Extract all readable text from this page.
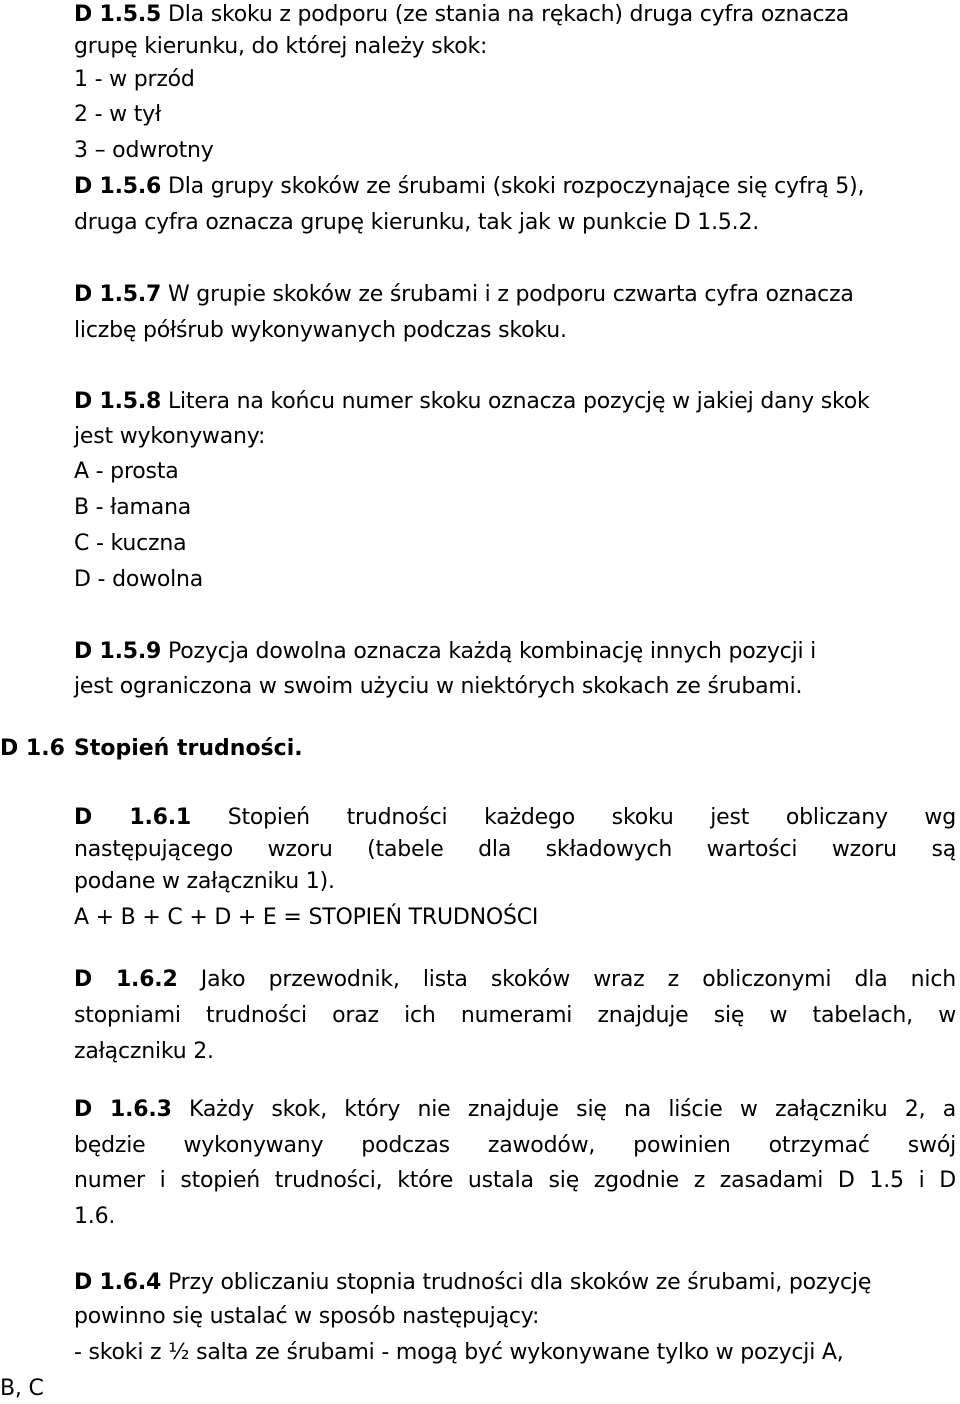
D 1.5.5 Dla skoku z podporu (ze stania na rękach) druga cyfra oznacza
grupę kierunku, do której należy skok:
1 - w przód
2 - w tył
3 – odwrotny
D 1.5.6 Dla grupy skoków ze śrubami (skoki rozpoczynające się cyfrą 5),
druga cyfra oznacza grupę kierunku, tak jak w punkcie D 1.5.2.
D 1.5.7 W grupie skoków ze śrubami i z podporu czwarta cyfra oznacza
liczbę półśrub wykonywanych podczas skoku.
D 1.5.8 Litera na końcu numer skoku oznacza pozycję w jakiej dany skok
jest wykonywany:
A - prosta
B - łamana
C - kuczna
D - dowolna
D 1.5.9 Pozycja dowolna oznacza każdą kombinację innych pozycji i
jest ograniczona w swoim użyciu w niektórych skokach ze śrubami.
D 1.6 Stopień trudności.
D 1.6.1 Stopień trudności każdego skoku jest obliczany wg
następującego wzoru (tabele dla składowych wartości wzoru są
podane w załączniku 1).
A + B + C + D + E = STOPIEŃ TRUDNOŚCI
D 1.6.2 Jako przewodnik, lista skoków wraz z obliczonymi dla nich
stopniami trudności oraz ich numerami znajduje się w tabelach, w
załączniku 2.
D 1.6.3 Każdy skok, który nie znajduje się na liście w załączniku 2, a
będzie wykonywany podczas zawodów, powinien otrzymać swój
numer i stopień trudności, które ustala się zgodnie z zasadami D 1.5 i D
1.6.
D 1.6.4 Przy obliczaniu stopnia trudności dla skoków ze śrubami, pozycję
powinno się ustalać w sposób następujący:
- skoki z ½ salta ze śrubami - mogą być wykonywane tylko w pozycji A,
B, C
